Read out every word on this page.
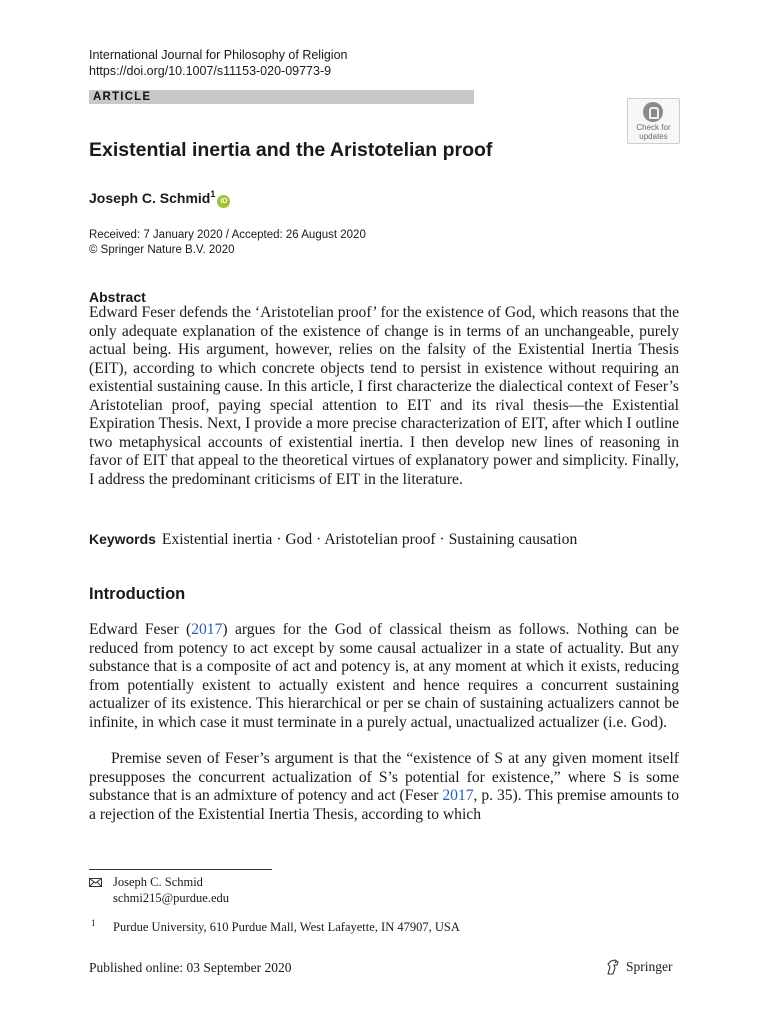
International Journal for Philosophy of Religion
https://doi.org/10.1007/s11153-020-09773-9
ARTICLE
Check for
updates
Existential inertia and the Aristotelian proof
Joseph C. Schmid$^1$iD
Received: 7 January 2020 / Accepted: 26 August 2020
© Springer Nature B.V. 2020
Abstract

Edward Feser defends the ‘Aristotelian proof’ for the existence of God, which reasons that the only adequate explanation of the existence of change is in terms of an unchangeable, purely actual being. His argument, however, relies on the falsity of the Existential Inertia Thesis (EIT), according to which concrete objects tend to persist in existence without requiring an existential sustaining cause. In this article, I first characterize the dialectical context of Feser’s Aristotelian proof, paying special attention to EIT and its rival thesis—the Existential Expiration Thesis. Next, I provide a more precise characterization of EIT, after which I outline two metaphysical accounts of existential inertia. I then develop new lines of reasoning in favor of EIT that appeal to the theoretical virtues of explanatory power and simplicity. Finally, I address the predominant criticisms of EIT in the literature.

Keywords Existential inertia · God · Aristotelian proof · Sustaining causation
Introduction

Edward Feser (2017) argues for the God of classical theism as follows. Nothing can be reduced from potency to act except by some causal actualizer in a state of actuality. But any substance that is a composite of act and potency is, at any moment at which it exists, reducing from potentially existent to actually existent and hence requires a concurrent sustaining actualizer of its existence. This hierarchical or per se chain of sustaining actualizers cannot be infinite, in which case it must terminate in a purely actual, unactualized actualizer (i.e. God).

Premise seven of Feser’s argument is that the “existence of S at any given moment itself presupposes the concurrent actualization of S’s potential for existence,” where S is some substance that is an admixture of potency and act (Feser 2017, p. 35). This premise amounts to a rejection of the Existential Inertia Thesis, according to which

Joseph C. Schmid
schmi215@purdue.edu
1 Purdue University, 610 Purdue Mall, West Lafayette, IN 47907, USA
Published online: 03 September 2020	Springer
